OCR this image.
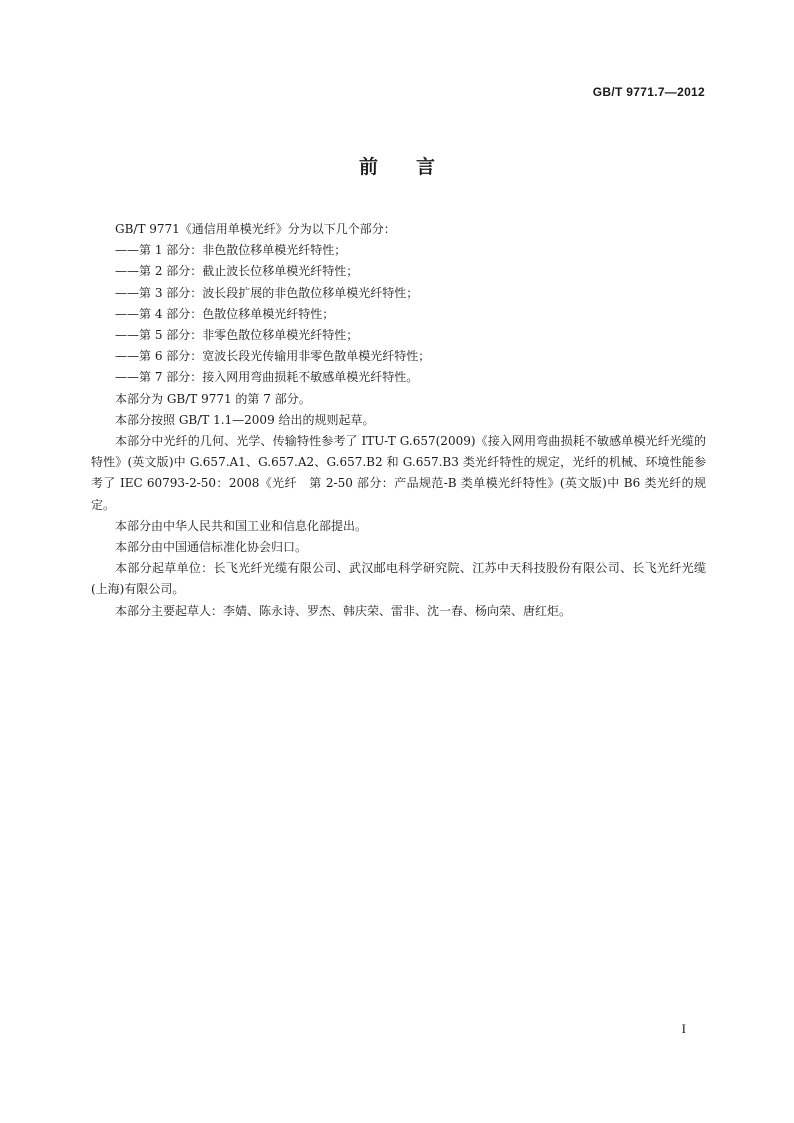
GB/T 9771.7—2012
前言

GB/T 9771《通信用单模光纤》分为以下几个部分：

——第 1 部分：非色散位移单模光纤特性；

——第 2 部分：截止波长位移单模光纤特性；

——第 3 部分：波长段扩展的非色散位移单模光纤特性；

——第 4 部分：色散位移单模光纤特性；

——第 5 部分：非零色散位移单模光纤特性；

——第 6 部分：宽波长段光传输用非零色散单模光纤特性；

——第 7 部分：接入网用弯曲损耗不敏感单模光纤特性。

本部分为 GB/T 9771 的第 7 部分。

本部分按照 GB/T 1.1—2009 给出的规则起草。

本部分中光纤的几何、光学、传输特性参考了 ITU-T G.657(2009)《接入网用弯曲损耗不敏感单模光纤光缆的特性》(英文版)中 G.657.A1、G.657.A2、G.657.B2 和 G.657.B3 类光纤特性的规定，光纤的机械、环境性能参考了 IEC 60793-2-50：2008《光纤　第 2-50 部分：产品规范-B 类单模光纤特性》(英文版)中 B6 类光纤的规定。

本部分由中华人民共和国工业和信息化部提出。

本部分由中国通信标准化协会归口。

本部分起草单位：长飞光纤光缆有限公司、武汉邮电科学研究院、江苏中天科技股份有限公司、长飞光纤光缆(上海)有限公司。

本部分主要起草人：李婧、陈永诗、罗杰、韩庆荣、雷非、沈一春、杨向荣、唐红炬。

I
